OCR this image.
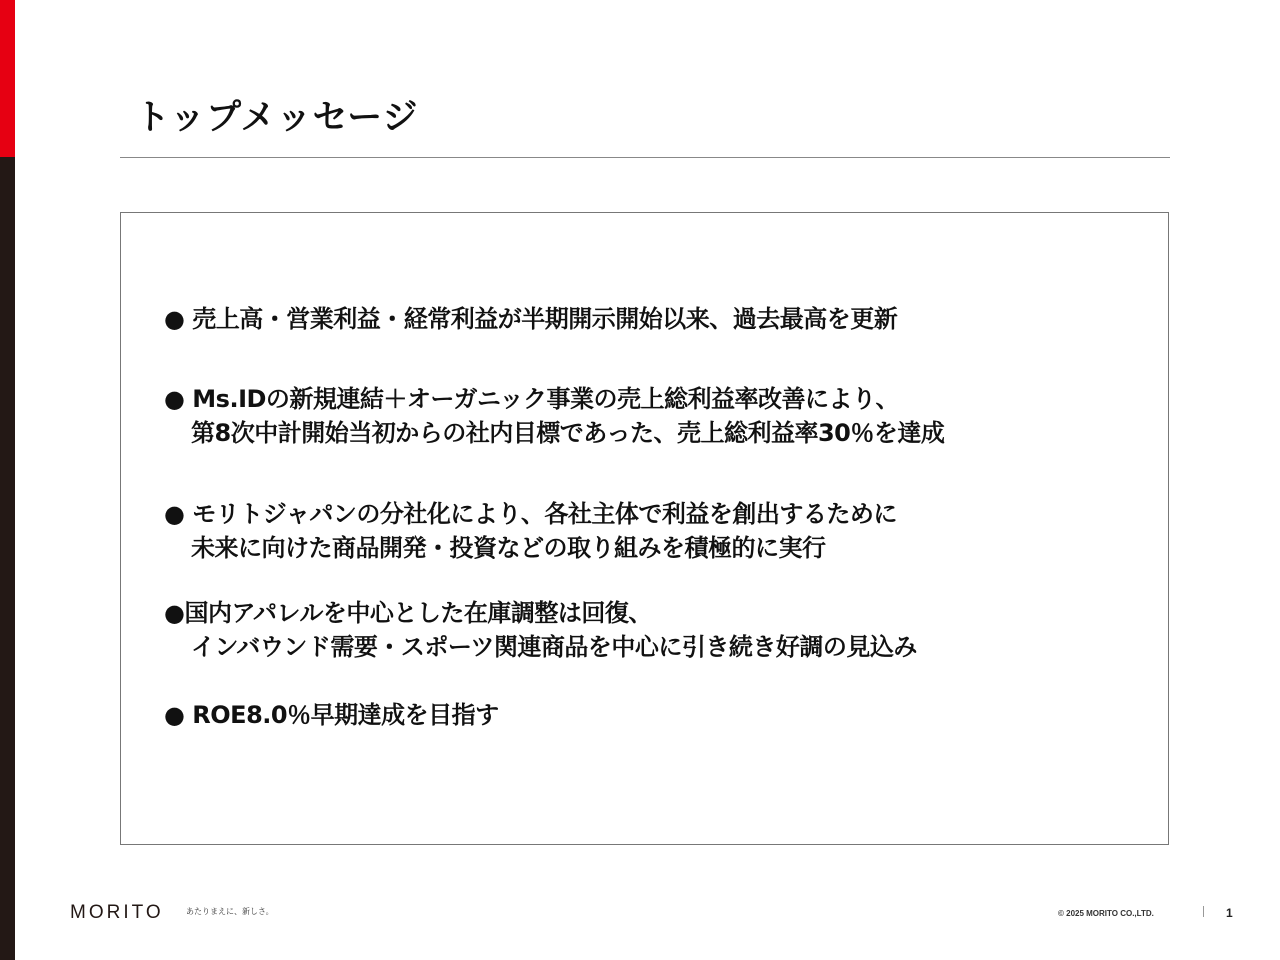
トップメッセージ
● 売上高・営業利益・経常利益が半期開示開始以来、過去最高を更新
● Ms.IDの新規連結＋オーガニック事業の売上総利益率改善により、
第8次中計開始当初からの社内目標であった、売上総利益率30％を達成
● モリトジャパンの分社化により、各社主体で利益を創出するために
未来に向けた商品開発・投資などの取り組みを積極的に実行
●国内アパレルを中心とした在庫調整は回復、
インバウンド需要・スポーツ関連商品を中心に引き続き好調の見込み
● ROE8.0％早期達成を目指す
MORITO	あたりまえに、新しさ。	© 2025 MORITO CO.,LTD.	1
